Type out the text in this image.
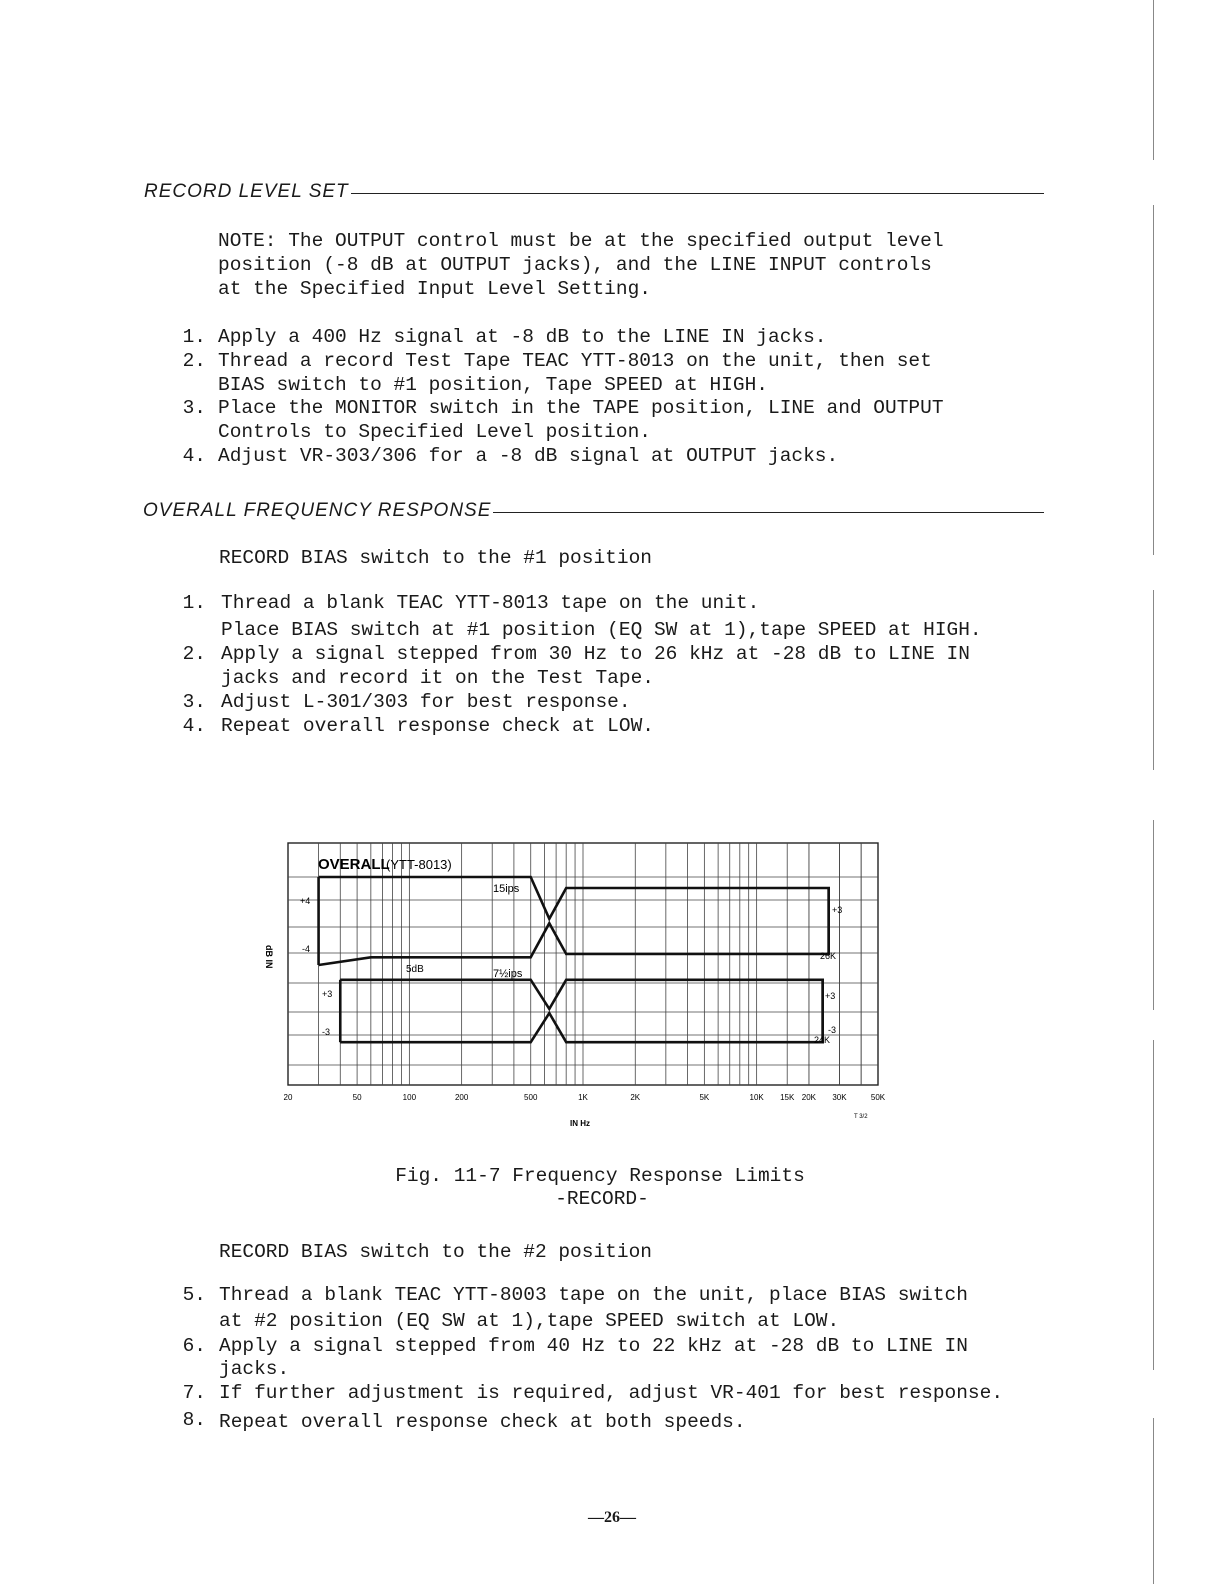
RECORD LEVEL SET
NOTE: The OUTPUT control must be at the specified output level
position (-8 dB at OUTPUT jacks), and the LINE INPUT controls
at the Specified Input Level Setting.
1. Apply a 400 Hz signal at -8 dB to the LINE IN jacks.
2. Thread a record Test Tape TEAC YTT-8013 on the unit, then set
BIAS switch to #1 position, Tape SPEED at HIGH.
3. Place the MONITOR switch in the TAPE position, LINE and OUTPUT
Controls to Specified Level position.
4. Adjust VR-303/306 for a -8 dB signal at OUTPUT jacks.
OVERALL FREQUENCY RESPONSE
RECORD BIAS switch to the #1 position
1. Thread a blank TEAC YTT-8013 tape on the unit.
Place BIAS switch at #1 position (EQ SW at 1),tape SPEED at HIGH.
2. Apply a signal stepped from 30 Hz to 26 kHz at -28 dB to LINE IN
jacks and record it on the Test Tape.
3. Adjust L-301/303 for best response.
4. Repeat overall response check at LOW.
OVERALL
(YTT-8013)
15ips
7½ips
5dB
+4
-4
+3
26K
+3
-3
+3
-3
24K
20	50	100	200	500	1K	2K	5K	10K 15K 20K 30K	50K
IN Hz
T 3/2
dB IN
Fig. 11-7 Frequency Response Limits
-RECORD-
RECORD BIAS switch to the #2 position
5. Thread a blank TEAC YTT-8003 tape on the unit, place BIAS switch
at #2 position (EQ SW at 1),tape SPEED switch at LOW.
6. Apply a signal stepped from 40 Hz to 22 kHz at -28 dB to LINE IN
jacks.
7. If further adjustment is required, adjust VR-401 for best response.
8. Repeat overall response check at both speeds.
—26—
